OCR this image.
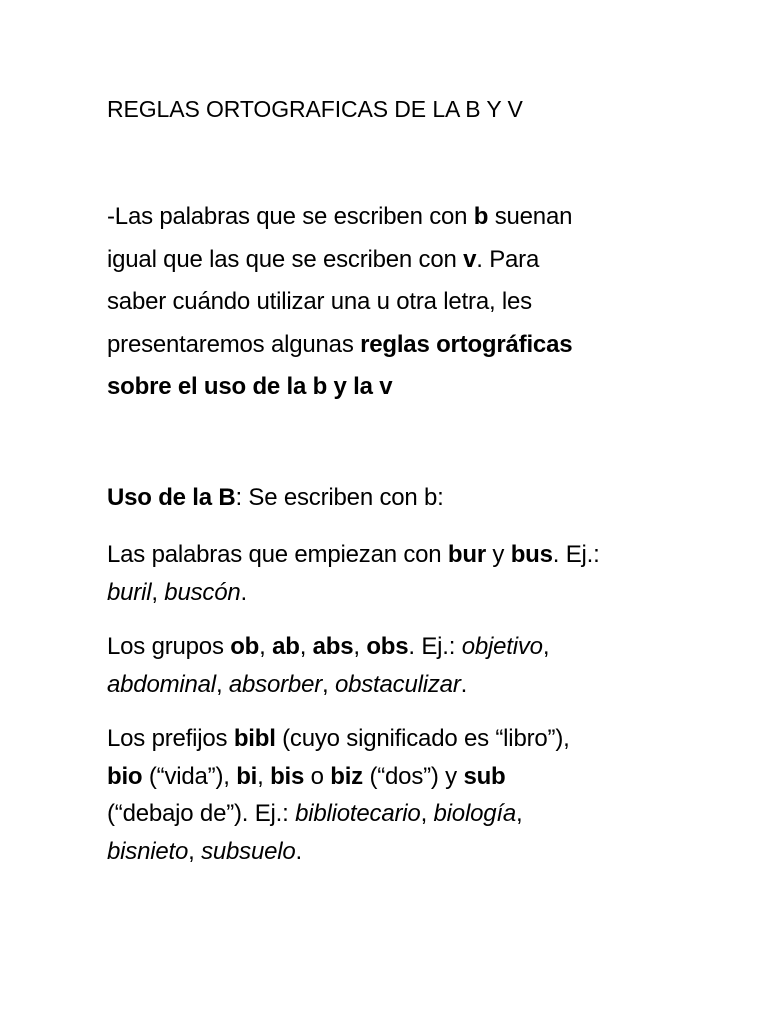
REGLAS ORTOGRAFICAS DE LA B Y V
-Las palabras que se escriben con b suenan
igual que las que se escriben con v. Para
saber cuándo utilizar una u otra letra, les
presentaremos algunas reglas ortográficas
sobre el uso de la b y la v
Uso de la B: Se escriben con b:
Las palabras que empiezan con bur y bus. Ej.:
buril, buscón.
Los grupos ob, ab, abs, obs. Ej.: objetivo,
abdominal, absorber, obstaculizar.
Los prefijos bibl (cuyo significado es “libro”),
bio (“vida”), bi, bis o biz (“dos”) y sub
(“debajo de”). Ej.: bibliotecario, biología,
bisnieto, subsuelo.
